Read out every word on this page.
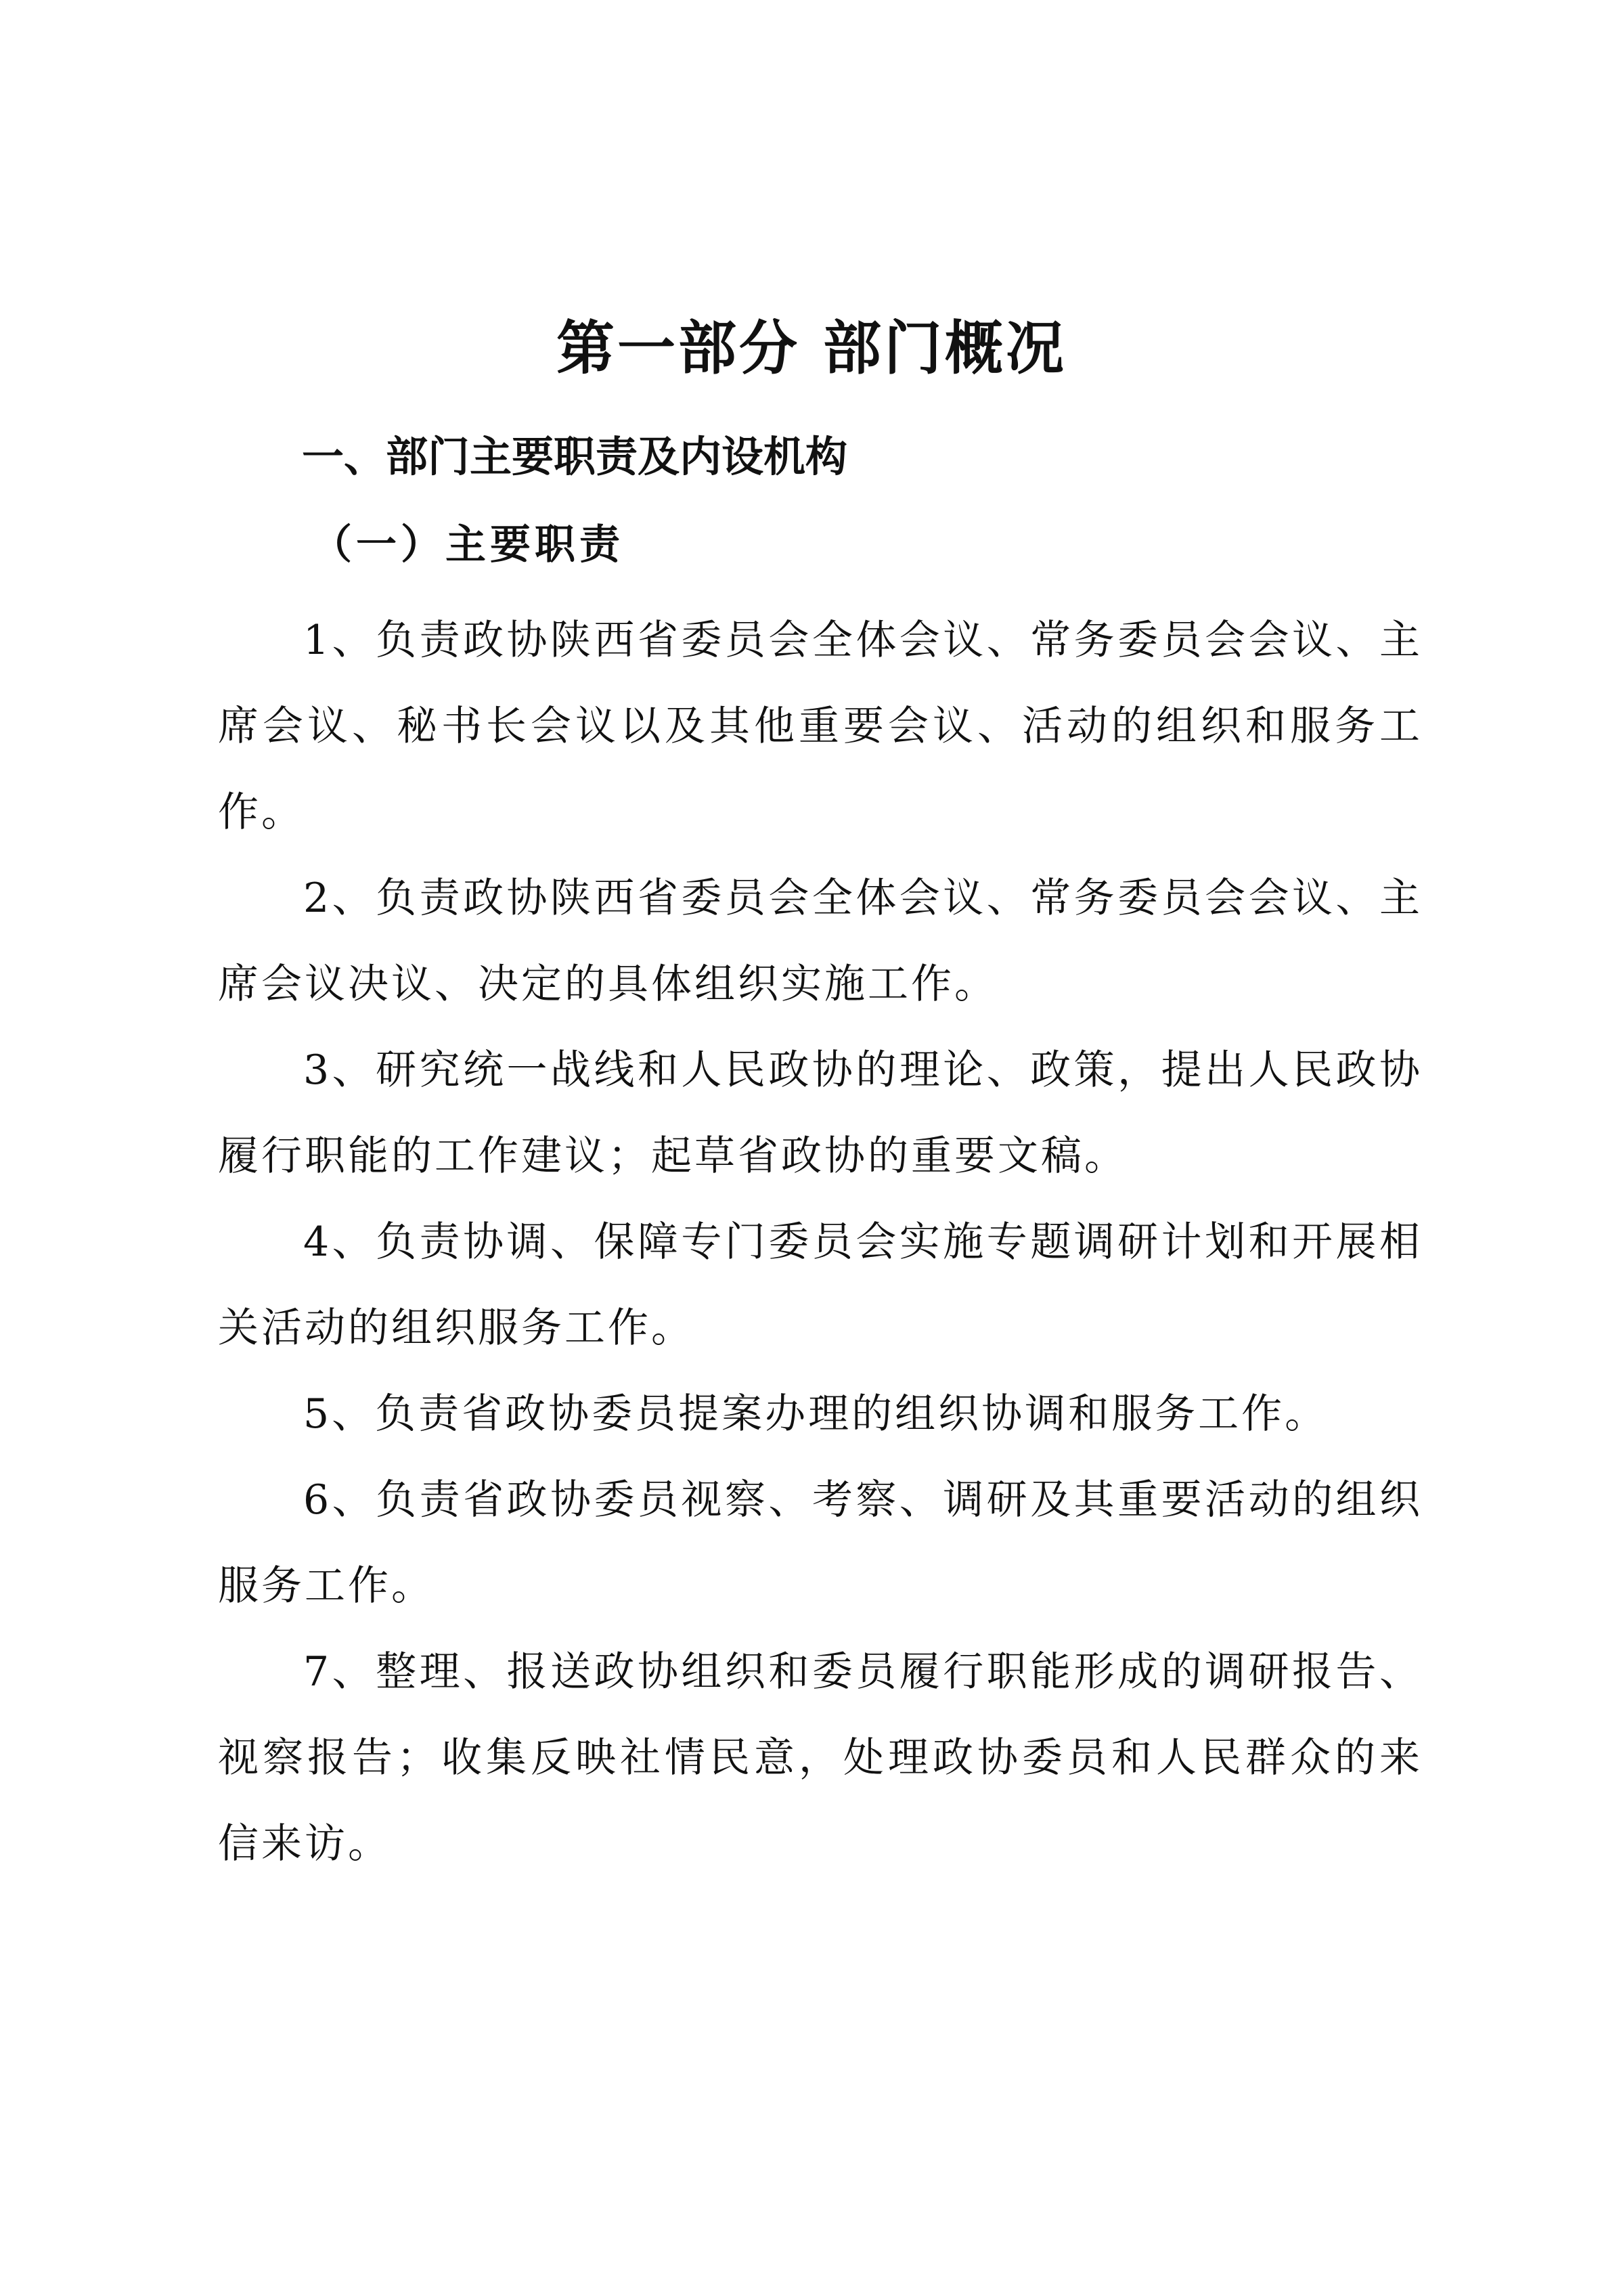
第一部分 部门概况
一、部门主要职责及内设机构
（一）主要职责

1、负责政协陕西省委员会全体会议、常务委员会会议、主席会议、秘书长会议以及其他重要会议、活动的组织和服务工作。

2、负责政协陕西省委员会全体会议、常务委员会会议、主席会议决议、决定的具体组织实施工作。

3、研究统一战线和人民政协的理论、政策，提出人民政协履行职能的工作建议；起草省政协的重要文稿。

4、负责协调、保障专门委员会实施专题调研计划和开展相关活动的组织服务工作。

5、负责省政协委员提案办理的组织协调和服务工作。

6、负责省政协委员视察、考察、调研及其重要活动的组织服务工作。

7、整理、报送政协组织和委员履行职能形成的调研报告、视察报告；收集反映社情民意，处理政协委员和人民群众的来信来访。
